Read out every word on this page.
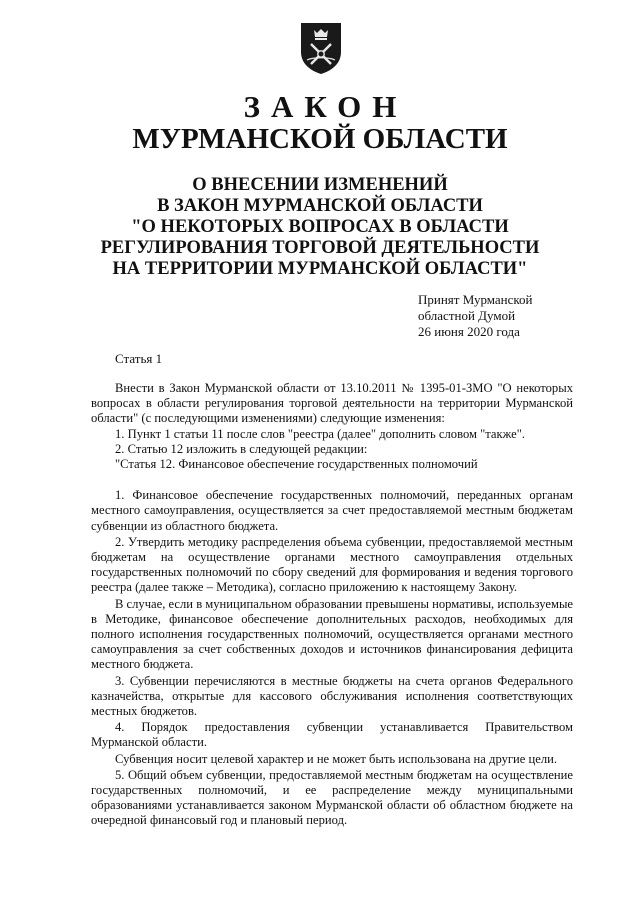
ЗАКОН
МУРМАНСКОЙ ОБЛАСТИ
О ВНЕСЕНИИ ИЗМЕНЕНИЙ
В ЗАКОН МУРМАНСКОЙ ОБЛАСТИ
"О НЕКОТОРЫХ ВОПРОСАХ В ОБЛАСТИ
РЕГУЛИРОВАНИЯ ТОРГОВОЙ ДЕЯТЕЛЬНОСТИ
НА ТЕРРИТОРИИ МУРМАНСКОЙ ОБЛАСТИ"
Принят Мурманской
областной Думой
26 июня 2020 года
Статья 1

Внести в Закон Мурманской области от 13.10.2011 № 1395-01-ЗМО "О некоторых вопросах в области регулирования торговой деятельности на территории Мурманской области" (с последующими изменениями) следующие изменения:

1. Пункт 1 статьи 11 после слов "реестра (далее" дополнить словом "также".

2. Статью 12 изложить в следующей редакции:

"Статья 12. Финансовое обеспечение государственных полномочий

1. Финансовое обеспечение государственных полномочий, переданных органам местного самоуправления, осуществляется за счет предоставляемой местным бюджетам субвенции из областного бюджета.

2. Утвердить методику распределения объема субвенции, предоставляемой местным бюджетам на осуществление органами местного самоуправления отдельных государственных полномочий по сбору сведений для формирования и ведения торгового реестра (далее также – Методика), согласно приложению к настоящему Закону.

В случае, если в муниципальном образовании превышены нормативы, используемые в Методике, финансовое обеспечение дополнительных расходов, необходимых для полного исполнения государственных полномочий, осуществляется органами местного самоуправления за счет собственных доходов и источников финансирования дефицита местного бюджета.

3. Субвенции перечисляются в местные бюджеты на счета органов Федерального казначейства, открытые для кассового обслуживания исполнения соответствующих местных бюджетов.

4. Порядок предоставления субвенции устанавливается Правительством Мурманской области.

Субвенция носит целевой характер и не может быть использована на другие цели.

5. Общий объем субвенции, предоставляемой местным бюджетам на осуществление государственных полномочий, и ее распределение между муниципальными образованиями устанавливается законом Мурманской области об областном бюджете на очередной финансовый год и плановый период.
